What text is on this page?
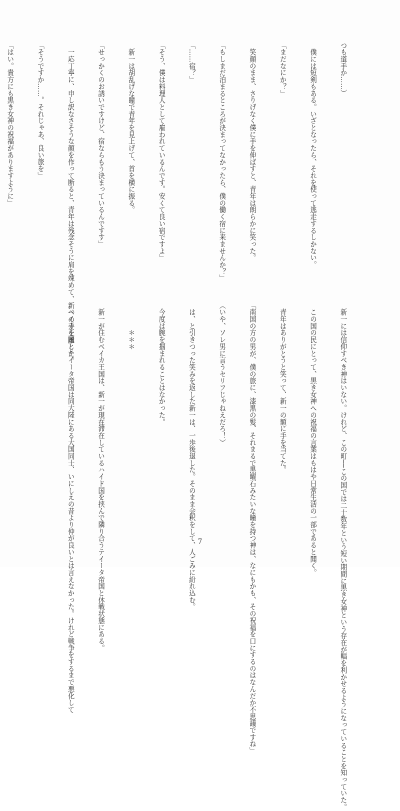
つも道手か……）

　僕には短剣もある。いざとなったら、それを使って逃走するしかない。

「まだなにか？」

　笑顔のまま、さりげなく僕に手を伸ばすと、青年は朗らかに笑った。

「もしまだ泊まるところが決まってなかったら、僕の働く宿に来ませんか？」

「……宿？」

「そう、僕は料理人として雇われているんです。安くて良い宿ですよ」

　新一は胡乱げな瞳で青年を見上げて、首を横に振る。

「せっかくのお誘いですけど、宿ならもう決まっているんですす」

　一応丁寧に、申し訳なさそうな顔を作って断ると、青年は残念そうに肩を竦めて、新一の手を離した。

「そうですか……。それじゃあ、良い旅を」

「はい。貴方にも黒き女神の祝福がありますように」

　新一には信仰すべき神はいない。けれど、この町──この国では二十数年という短い期間に黒き女神という存在が幅を利かせるようになっていることを知っていた。

　この国の民にとって、黒き女神への祝福の言葉はもはや日常生活の一部であると聞く。

　青年はありがとうと笑って、新一の額に手を当てた。

「南国の方の男が、僕の旅に、漆黒の髪、それまるで黒曜石みたいな瞳を持つ神は、なにもかも、その祝福を口にするのはなんだか不思議ですね」

（いや、ソレ男に言うセリフじゃねえだろ！）

　は、と引きつった笑みを返した新一は、一歩後退した。そのまま会釈をして、人ごみに紛れ込む。

　今度は腕を掴まれることはなかった。

　　　　＊＊＊

　新一が住むベイカ王国は、新一が現在滞在しているハイド国を挟んで隣り合うテイータ帝国と休戦状態にある。

　ベイカ王国とテイータ帝国は同大陸にある大国同士、いにしえの昔より仲が良いとは言えなかった。けれど戦争をするまで悪化して

	7
